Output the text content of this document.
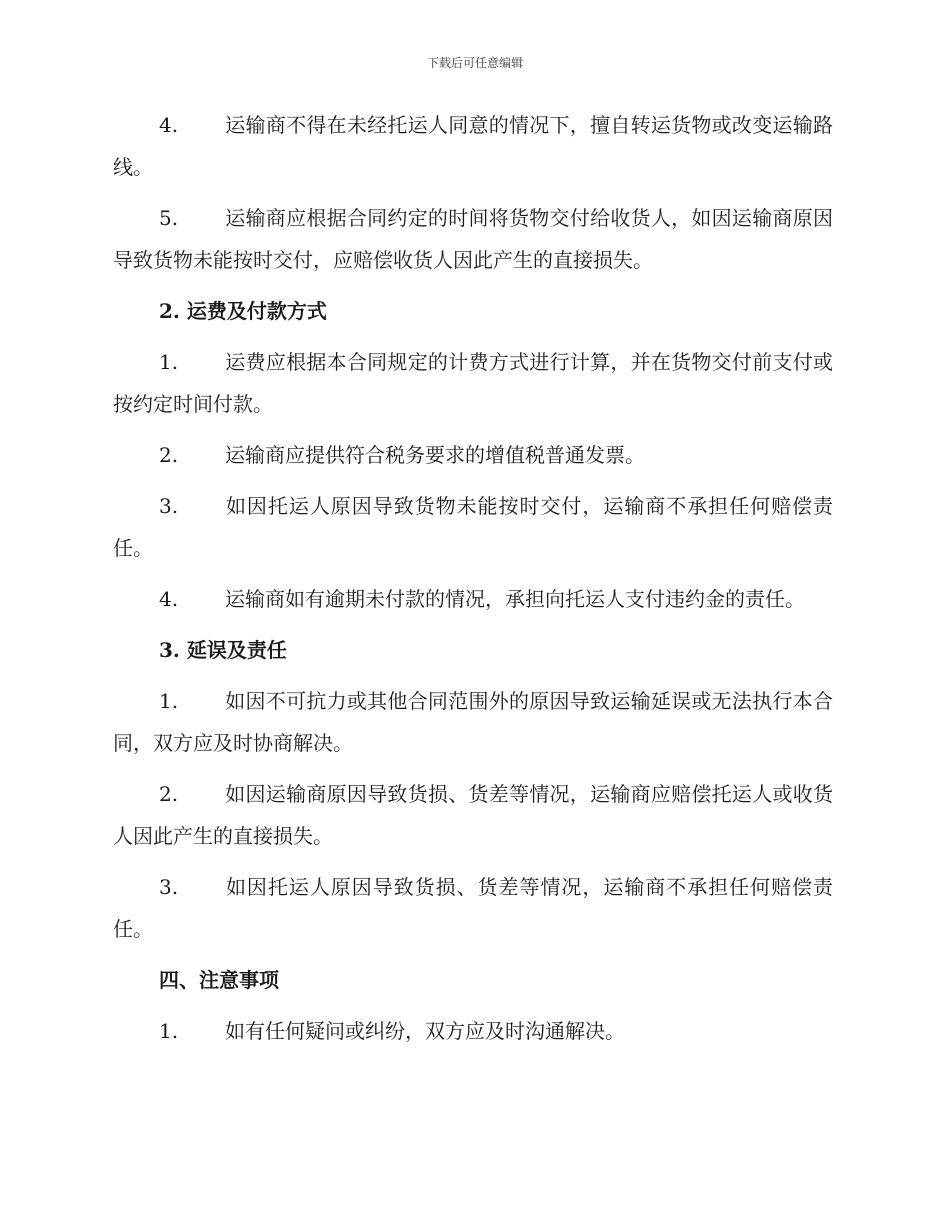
下载后可任意编辑
4. 运输商不得在未经托运人同意的情况下，擅自转运货物或改变运输路线。
5. 运输商应根据合同约定的时间将货物交付给收货人，如因运输商原因导致货物未能按时交付，应赔偿收货人因此产生的直接损失。
2. 运费及付款方式
1. 运费应根据本合同规定的计费方式进行计算，并在货物交付前支付或按约定时间付款。
2. 运输商应提供符合税务要求的增值税普通发票。
3. 如因托运人原因导致货物未能按时交付，运输商不承担任何赔偿责任。
4. 运输商如有逾期未付款的情况，承担向托运人支付违约金的责任。
3. 延误及责任
1. 如因不可抗力或其他合同范围外的原因导致运输延误或无法执行本合同，双方应及时协商解决。
2. 如因运输商原因导致货损、货差等情况，运输商应赔偿托运人或收货人因此产生的直接损失。
3. 如因托运人原因导致货损、货差等情况，运输商不承担任何赔偿责任。
四、注意事项
1. 如有任何疑问或纠纷，双方应及时沟通解决。
